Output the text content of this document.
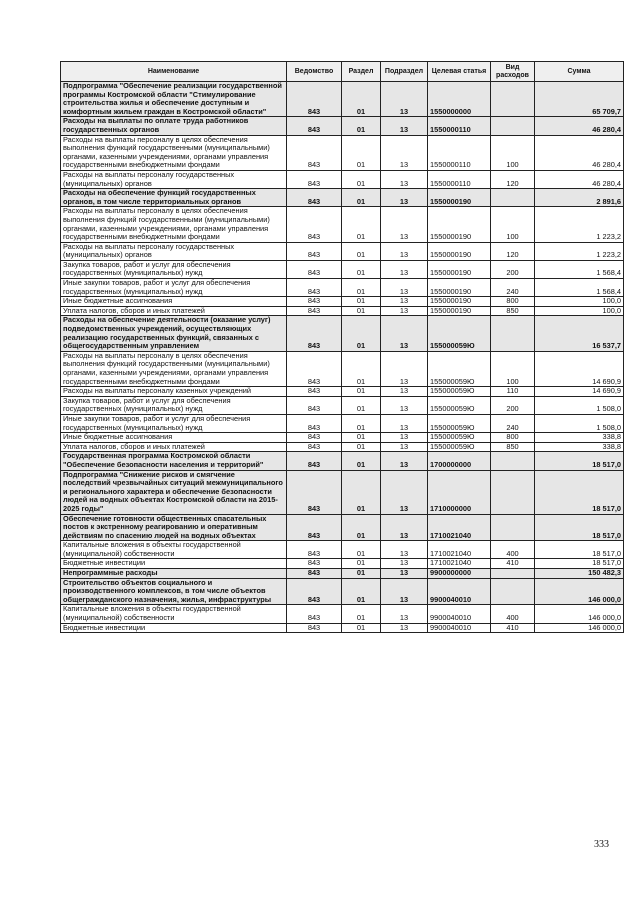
Наименование	Ведомство	Раздел	Подраздел	Целевая статья	Вид расходов	Сумма
Подпрограмма "Обеспечение реализации государственной программы Костромской области "Стимулирование строительства жилья и обеспечение доступным и комфортным жильем граждан в Костромской области"	843	01	13	1550000000		65 709,7
Расходы на выплаты по оплате труда работников государственных органов	843	01	13	1550000110		46 280,4
Расходы на выплаты персоналу в целях обеспечения выполнения функций государственными (муниципальными) органами, казенными учреждениями, органами управления государственными внебюджетными фондами	843	01	13	1550000110	100	46 280,4
Расходы на выплаты персоналу государственных (муниципальных) органов	843	01	13	1550000110	120	46 280,4
Расходы на обеспечение функций государственных органов, в том числе территориальных органов	843	01	13	1550000190		2 891,6
Расходы на выплаты персоналу в целях обеспечения выполнения функций государственными (муниципальными) органами, казенными учреждениями, органами управления государственными внебюджетными фондами	843	01	13	1550000190	100	1 223,2
Расходы на выплаты персоналу государственных (муниципальных) органов	843	01	13	1550000190	120	1 223,2
Закупка товаров, работ и услуг для обеспечения государственных (муниципальных) нужд	843	01	13	1550000190	200	1 568,4
Иные закупки товаров, работ и услуг для обеспечения государственных (муниципальных) нужд	843	01	13	1550000190	240	1 568,4
Иные бюджетные ассигнования	843	01	13	1550000190	800	100,0
Уплата налогов, сборов и иных платежей	843	01	13	1550000190	850	100,0
Расходы на обеспечение деятельности (оказание услуг) подведомственных учреждений, осуществляющих реализацию государственных функций, связанных с общегосударственным управлением	843	01	13	155000059Ю		16 537,7
Расходы на выплаты персоналу в целях обеспечения выполнения функций государственными (муниципальными) органами, казенными учреждениями, органами управления государственными внебюджетными фондами	843	01	13	155000059Ю	100	14 690,9
Расходы на выплаты персоналу казенных учреждений	843	01	13	155000059Ю	110	14 690,9
Закупка товаров, работ и услуг для обеспечения государственных (муниципальных) нужд	843	01	13	155000059Ю	200	1 508,0
Иные закупки товаров, работ и услуг для обеспечения государственных (муниципальных) нужд	843	01	13	155000059Ю	240	1 508,0
Иные бюджетные ассигнования	843	01	13	155000059Ю	800	338,8
Уплата налогов, сборов и иных платежей	843	01	13	155000059Ю	850	338,8
Государственная программа Костромской области "Обеспечение безопасности населения и территорий"	843	01	13	1700000000		18 517,0
Подпрограмма "Снижение рисков и смягчение последствий чрезвычайных ситуаций межмуниципального и регионального характера и обеспечение безопасности людей на водных объектах Костромской области на 2015-2025 годы"	843	01	13	1710000000		18 517,0
Обеспечение готовности общественных спасательных постов к экстренному реагированию и оперативным действиям по спасению людей на водных объектах	843	01	13	1710021040		18 517,0
Капитальные вложения в объекты государственной (муниципальной) собственности	843	01	13	1710021040	400	18 517,0
Бюджетные инвестиции	843	01	13	1710021040	410	18 517,0
Непрограммные расходы	843	01	13	9900000000		150 482,3
Строительство объектов социального и производственного комплексов, в том числе объектов общегражданского назначения, жилья, инфраструктуры	843	01	13	9900040010		146 000,0
Капитальные вложения в объекты государственной (муниципальной) собственности	843	01	13	9900040010	400	146 000,0
Бюджетные инвестиции	843	01	13	9900040010	410	146 000,0
333
